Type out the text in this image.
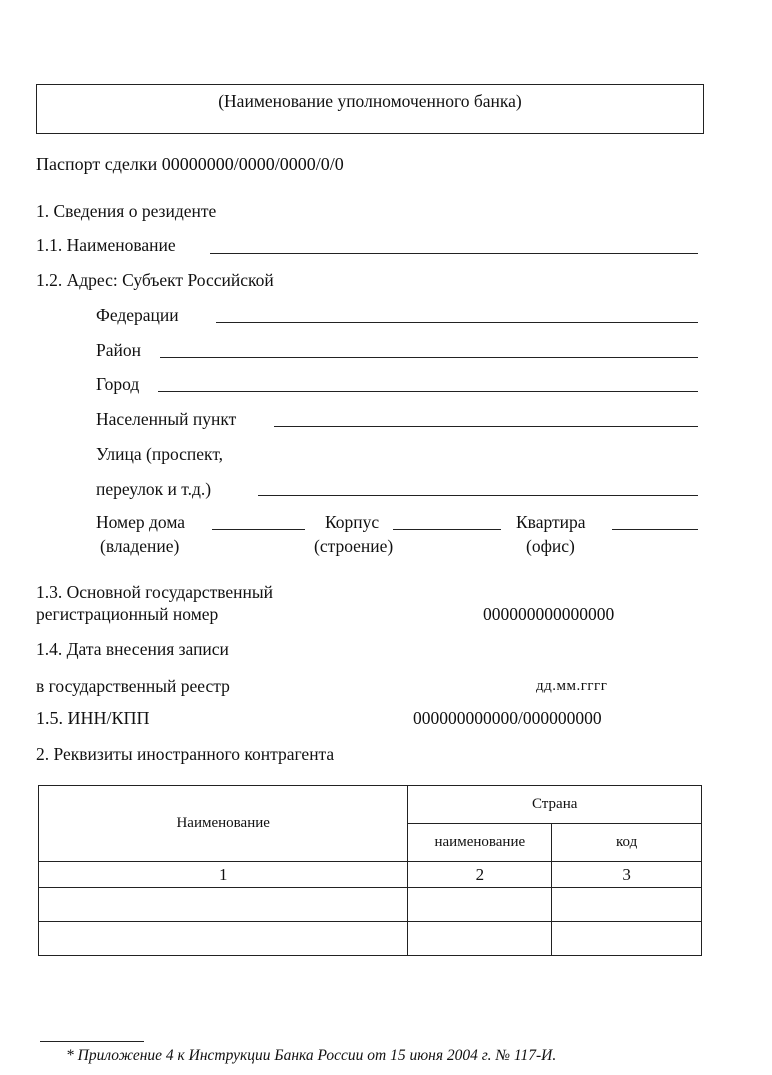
(Наименование уполномоченного банка)
Паспорт сделки 00000000/0000/0000/0/0
1. Сведения о резиденте
1.1. Наименование
1.2. Адрес: Субъект Российской
Федерации
Район
Город
Населенный пункт
Улица (проспект,
переулок и т.д.)
Номер дома
(владение)
Корпус
(строение)
Квартира
(офис)
1.3. Основной государственный
регистрационный номер	000000000000000
1.4. Дата внесения записи
в государственный реестр	дд.мм.гггг
1.5. ИНН/КПП	000000000000/000000000
2. Реквизиты иностранного контрагента
Наименование	Страна	
	наименование	код
1	2	3

* Приложение 4 к Инструкции Банка России от 15 июня 2004 г. № 117-И.
